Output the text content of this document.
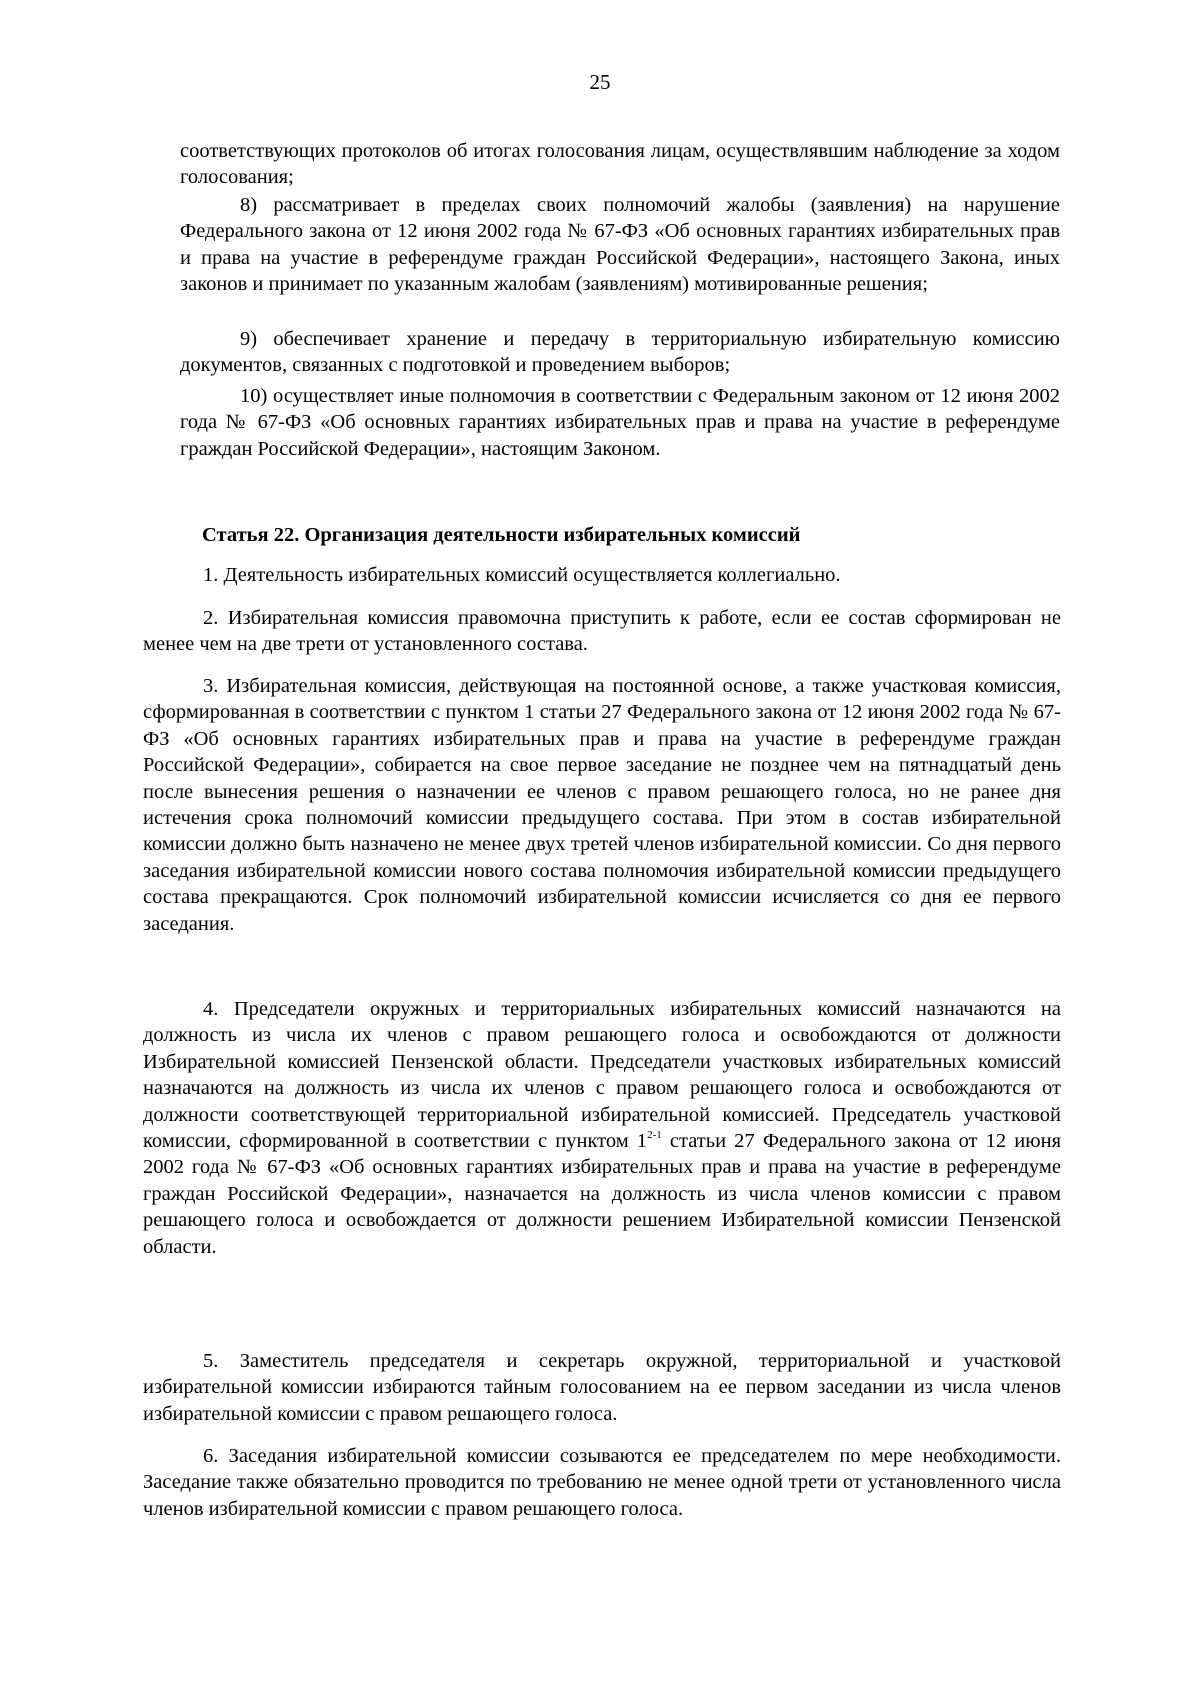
25

соответствующих протоколов об итогах голосования лицам, осуществлявшим наблюдение за ходом голосования;

8) рассматривает в пределах своих полномочий жалобы (заявления) на нарушение Федерального закона от 12 июня 2002 года № 67-ФЗ «Об основных гарантиях избирательных прав и права на участие в референдуме граждан Российской Федерации», настоящего Закона, иных законов и принимает по указанным жалобам (заявлениям) мотивированные решения;

9) обеспечивает хранение и передачу в территориальную избирательную комиссию документов, связанных с подготовкой и проведением выборов;

10) осуществляет иные полномочия в соответствии с Федеральным законом от 12 июня 2002 года № 67-ФЗ «Об основных гарантиях избирательных прав и права на участие в референдуме граждан Российской Федерации», настоящим Законом.

Статья 22. Организация деятельности избирательных комиссий

1. Деятельность избирательных комиссий осуществляется коллегиально.

2. Избирательная комиссия правомочна приступить к работе, если ее состав сформирован не менее чем на две трети от установленного состава.

3. Избирательная комиссия, действующая на постоянной основе, а также участковая комиссия, сформированная в соответствии с пунктом 1 статьи 27 Федерального закона от 12 июня 2002 года № 67-ФЗ «Об основных гарантиях избирательных прав и права на участие в референдуме граждан Российской Федерации», собирается на свое первое заседание не позднее чем на пятнадцатый день после вынесения решения о назначении ее членов с правом решающего голоса, но не ранее дня истечения срока полномочий комиссии предыдущего состава. При этом в состав избирательной комиссии должно быть назначено не менее двух третей членов избирательной комиссии. Со дня первого заседания избирательной комиссии нового состава полномочия избирательной комиссии предыдущего состава прекращаются. Срок полномочий избирательной комиссии исчисляется со дня ее первого заседания.

4. Председатели окружных и территориальных избирательных комиссий назначаются на должность из числа их членов с правом решающего голоса и освобождаются от должности Избирательной комиссией Пензенской области. Председатели участковых избирательных комиссий назначаются на должность из числа их членов с правом решающего голоса и освобождаются от должности соответствующей территориальной избирательной комиссией. Председатель участковой комиссии, сформированной в соответствии с пунктом 1$^{2-1}$ статьи 27 Федерального закона от 12 июня 2002 года № 67-ФЗ «Об основных гарантиях избирательных прав и права на участие в референдуме граждан Российской Федерации», назначается на должность из числа членов комиссии с правом решающего голоса и освобождается от должности решением Избирательной комиссии Пензенской области.

5. Заместитель председателя и секретарь окружной, территориальной и участковой избирательной комиссии избираются тайным голосованием на ее первом заседании из числа членов избирательной комиссии с правом решающего голоса.

6. Заседания избирательной комиссии созываются ее председателем по мере необходимости. Заседание также обязательно проводится по требованию не менее одной трети от установленного числа членов избирательной комиссии с правом решающего голоса.
